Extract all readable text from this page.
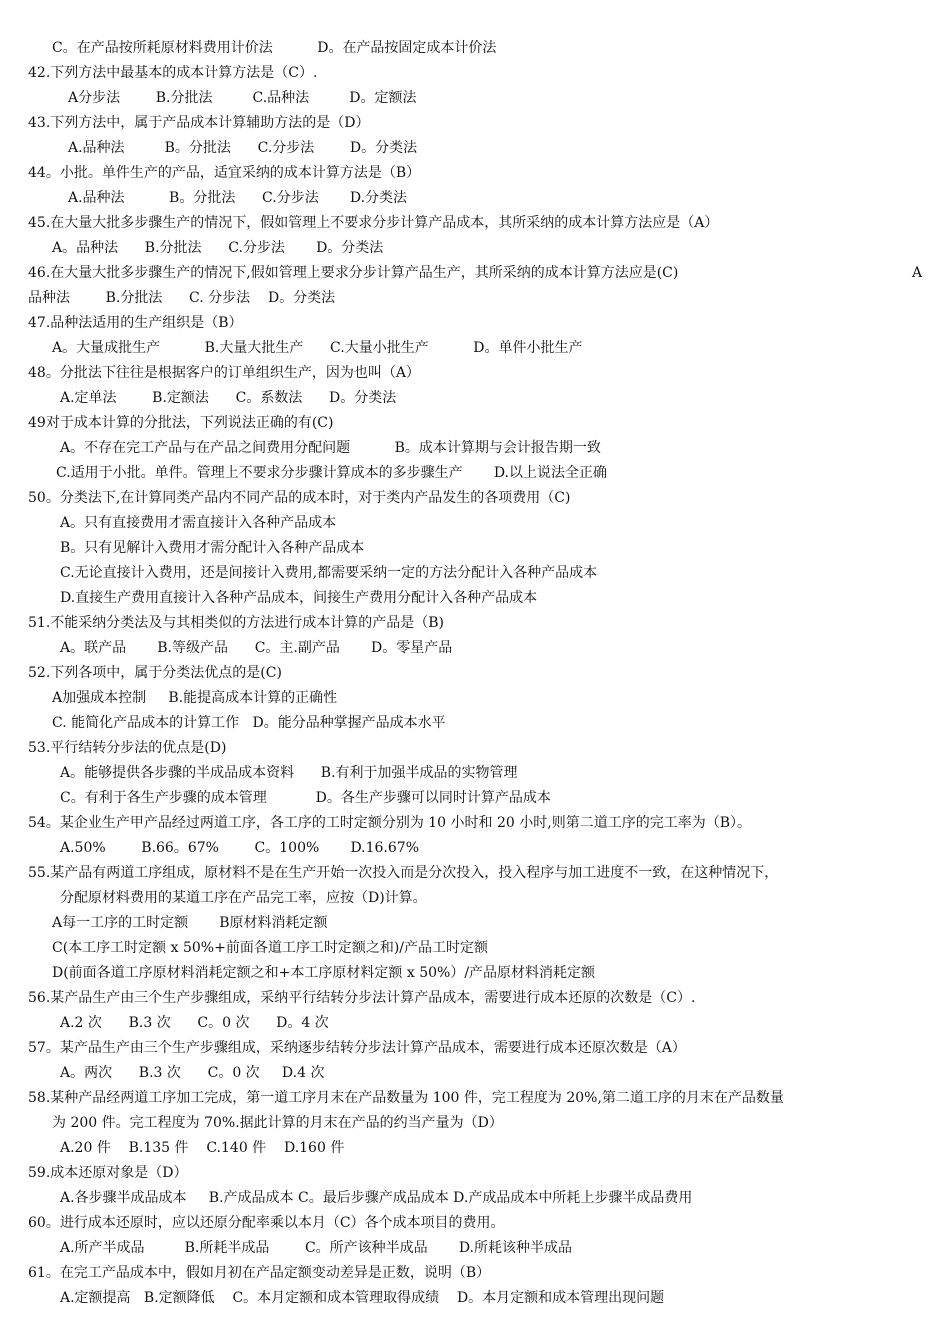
C。在产品按所耗原材料费用计价法          D。在产品按固定成本计价法

42.下列方法中最基本的成本计算方法是（C）.

A分步法        B.分批法         C.品种法         D。定额法

43.下列方法中，属于产品成本计算辅助方法的是（D）

A.品种法         B。分批法      C.分步法        D。分类法

44。小批。单件生产的产品，适宜采纳的成本计算方法是（B）

A.品种法          B。分批法      C.分步法       D.分类法

45.在大量大批多步骤生产的情况下，假如管理上不要求分步计算产品成本，其所采纳的成本计算方法应是（A）

A。品种法      B.分批法      C.分步法       D。分类法

46.在大量大批多步骤生产的情况下,假如管理上要求分步计算产品生产，其所采纳的成本计算方法应是(C)	A

品种法        B.分批法      C. 分步法    D。分类法

47.品种法适用的生产组织是（B）

A。大量成批生产          B.大量大批生产      C.大量小批生产          D。单件小批生产

48。分批法下往往是根据客户的订单组织生产，因为也叫（A）

A.定单法        B.定额法      C。系数法      D。分类法

49对于成本计算的分批法，下列说法正确的有(C)

A。不存在完工产品与在产品之间费用分配问题          B。成本计算期与会计报告期一致

C.适用于小批。单件。管理上不要求分步骤计算成本的多步骤生产       D.以上说法全正确

50。分类法下,在计算同类产品内不同产品的成本时，对于类内产品发生的各项费用（C)

A。只有直接费用才需直接计入各种产品成本

B。只有见解计入费用才需分配计入各种产品成本

C.无论直接计入费用，还是间接计入费用,都需要采纳一定的方法分配计入各种产品成本

D.直接生产费用直接计入各种产品成本，间接生产费用分配计入各种产品成本

51.不能采纳分类法及与其相类似的方法进行成本计算的产品是（B)

A。联产品       B.等级产品      C。主.副产品       D。零星产品

52.下列各项中，属于分类法优点的是(C)

A加强成本控制     B.能提高成本计算的正确性

C. 能简化产品成本的计算工作   D。能分品种掌握产品成本水平

53.平行结转分步法的优点是(D)

A。能够提供各步骤的半成品成本资料      B.有利于加强半成品的实物管理

C。有利于各生产步骤的成本管理           D。各生产步骤可以同时计算产品成本

54。某企业生产甲产品经过两道工序，各工序的工时定额分别为 10 小时和 20 小时,则第二道工序的完工率为（B）。

A.50%        B.66。67%        C。100%       D.16.67%

55.某产品有两道工序组成，原材料不是在生产开始一次投入而是分次投入，投入程序与加工进度不一致，在这种情况下，

分配原材料费用的某道工序在产品完工率，应按（D)计算。

A每一工序的工时定额       B原材料消耗定额

C(本工序工时定额 x 50%+前面各道工序工时定额之和)/产品工时定额

D(前面各道工序原材料消耗定额之和+本工序原材料定额 x 50%）/产品原材料消耗定额

56.某产品生产由三个生产步骤组成，采纳平行结转分步法计算产品成本，需要进行成本还原的次数是（C）.

A.2 次      B.3 次      C。0 次      D。4 次

57。某产品生产由三个生产步骤组成，采纳逐步结转分步法计算产品成本，需要进行成本还原次数是（A）

A。两次      B.3 次      C。0 次     D.4 次

58.某种产品经两道工序加工完成，第一道工序月末在产品数量为 100 件，完工程度为 20%,第二道工序的月末在产品数量

为 200 件。完工程度为 70%.据此计算的月末在产品的约当产量为（D）

A.20 件    B.135 件    C.140 件    D.160 件

59.成本还原对象是（D）

A.各步骤半成品成本     B.产成品成本 C。最后步骤产成品成本 D.产成品成本中所耗上步骤半成品费用

60。进行成本还原时，应以还原分配率乘以本月（C）各个成本项目的费用。

A.所产半成品         B.所耗半成品        C。所产该种半成品       D.所耗该种半成品

61。在完工产品成本中，假如月初在产品定额变动差异是正数，说明（B）

A.定额提高   B.定额降低    C。本月定额和成本管理取得成绩    D。本月定额和成本管理出现问题
